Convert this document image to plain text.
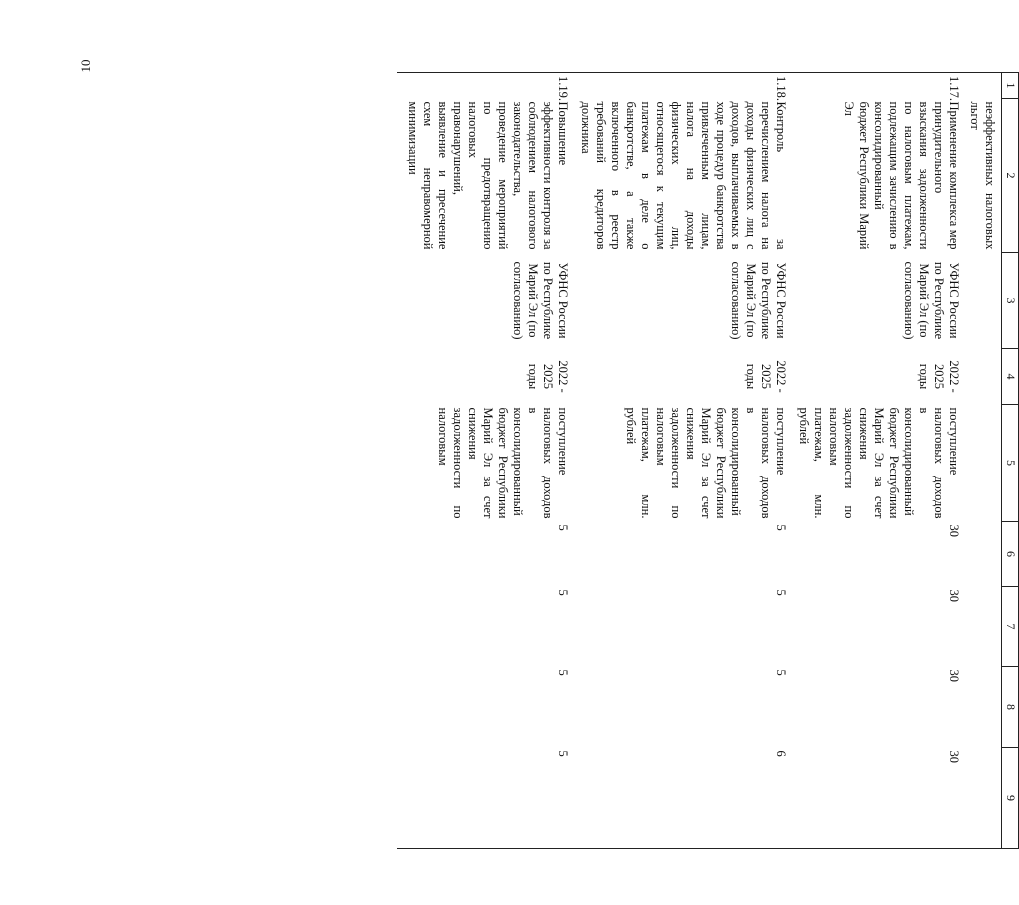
10
1	2	3	4	5	6	7	8	9
	неэффективных налоговых льгот							
1.17.	Применение комплекса мер принудительного взыскания задолженности по налоговым платежам, подлежащим зачислению в консолидированный бюджет Республики Марий Эл	УФНС России по Республике Марий Эл (по согласованию)	2022 - 2025 годы	поступление налоговых доходов в консолидированный бюджет Республики Марий Эл за счет снижения задолженности по налоговым платежам, млн. рублей	30	30	30	30
1.18.	Контроль за перечислением налога на доходы физических лиц с доходов, выплачиваемых в ходе процедур банкротства привлеченным лицам, налога на доходы физических лиц, относящегося к текущим платежам в деле о банкротстве, а также включенного в реестр требований кредиторов должника	УФНС России по Республике Марий Эл (по согласованию)	2022 - 2025 годы	поступление налоговых доходов в консолидированный бюджет Республики Марий Эл за счет снижения задолженности по налоговым платежам, млн. рублей	5	5	5	6
1.19.	Повышение эффективности контроля за соблюдением налогового законодательства, проведение мероприятий по предотвращению налоговых правонарушений, выявление и пресечение схем неправомерной минимизации	УФНС России по Республике Марий Эл (по согласованию)	2022 - 2025 годы	поступление налоговых доходов в консолидированный бюджет Республики Марий Эл за счет снижения задолженности по налоговым	5	5	5	5
